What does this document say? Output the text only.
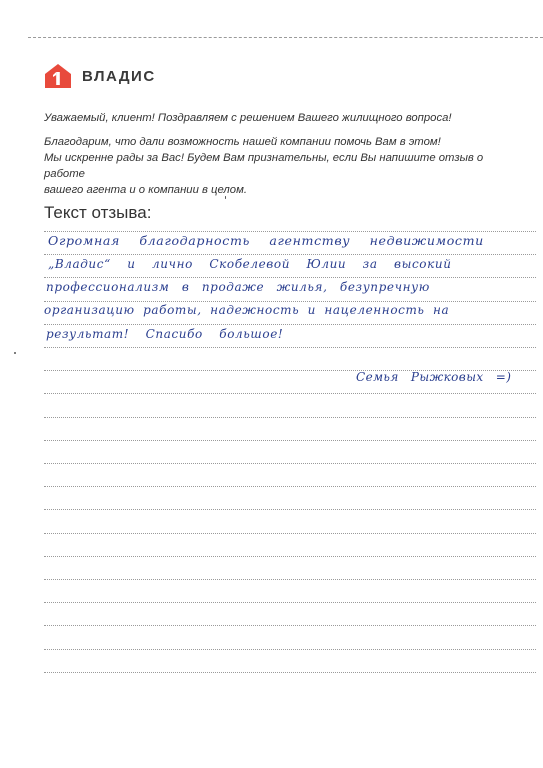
ВЛАДИС

Уважаемый, клиент! Поздравляем с решением Вашего жилищного вопроса!

Благодарим, что дали возможность нашей компании помочь Вам в этом!

Мы искренне рады за Вас! Будем Вам признательны, если Вы напишите отзыв о работе

вашего агента и о компании в целом.

Текст отзыва:
Огромная благодарность агентству недвижимости
„Владис“ и лично Скобелевой Юлии за высокий
профессионализм в продаже жилья, безупречную
организацию работы, надежность и нацеленность на
результат! Спасибо большое!
Семья Рыжковых =)
